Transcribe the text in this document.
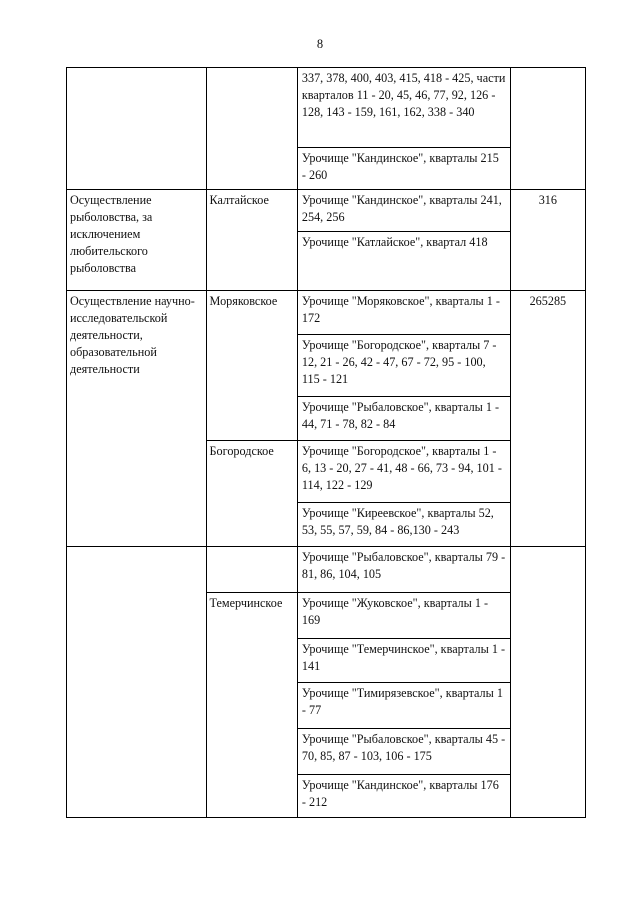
8

		337, 378, 400, 403, 415, 418 - 425, части кварталов 11 - 20, 45, 46, 77, 92, 126 - 128, 143 - 159, 161, 162, 338 - 340	

		Урочище "Кандинское", кварталы 215 - 260	

Осуществление рыболовства, за исключением любительского рыболовства	Калтайское	Урочище "Кандинское", кварталы 241, 254, 256	316

		Урочище "Катлайское", квартал 418	

Осуществление научно-исследовательской деятельности, образовательной деятельности	Моряковское	Урочище "Моряковское", кварталы 1 - 172	265285

		Урочище "Богородское", кварталы 7 - 12, 21 - 26, 42 - 47, 67 - 72, 95 - 100, 115 - 121	

		Урочище "Рыбаловское", кварталы 1 - 44, 71 - 78, 82 - 84	

	Богородское	Урочище "Богородское", кварталы 1 - 6, 13 - 20, 27 - 41, 48 - 66, 73 - 94, 101 - 114, 122 - 129	

		Урочище "Киреевское", кварталы 52, 53, 55, 57, 59, 84 - 86,130 - 243	

		Урочище "Рыбаловское", кварталы 79 - 81, 86, 104, 105	

	Темерчинское	Урочище "Жуковское", кварталы 1 - 169	

		Урочище "Темерчинское", кварталы 1 - 141	

		Урочище "Тимирязевское", кварталы 1 - 77	

		Урочище "Рыбаловское", кварталы 45 - 70, 85, 87 - 103, 106 - 175	

		Урочище "Кандинское", кварталы 176 - 212	
